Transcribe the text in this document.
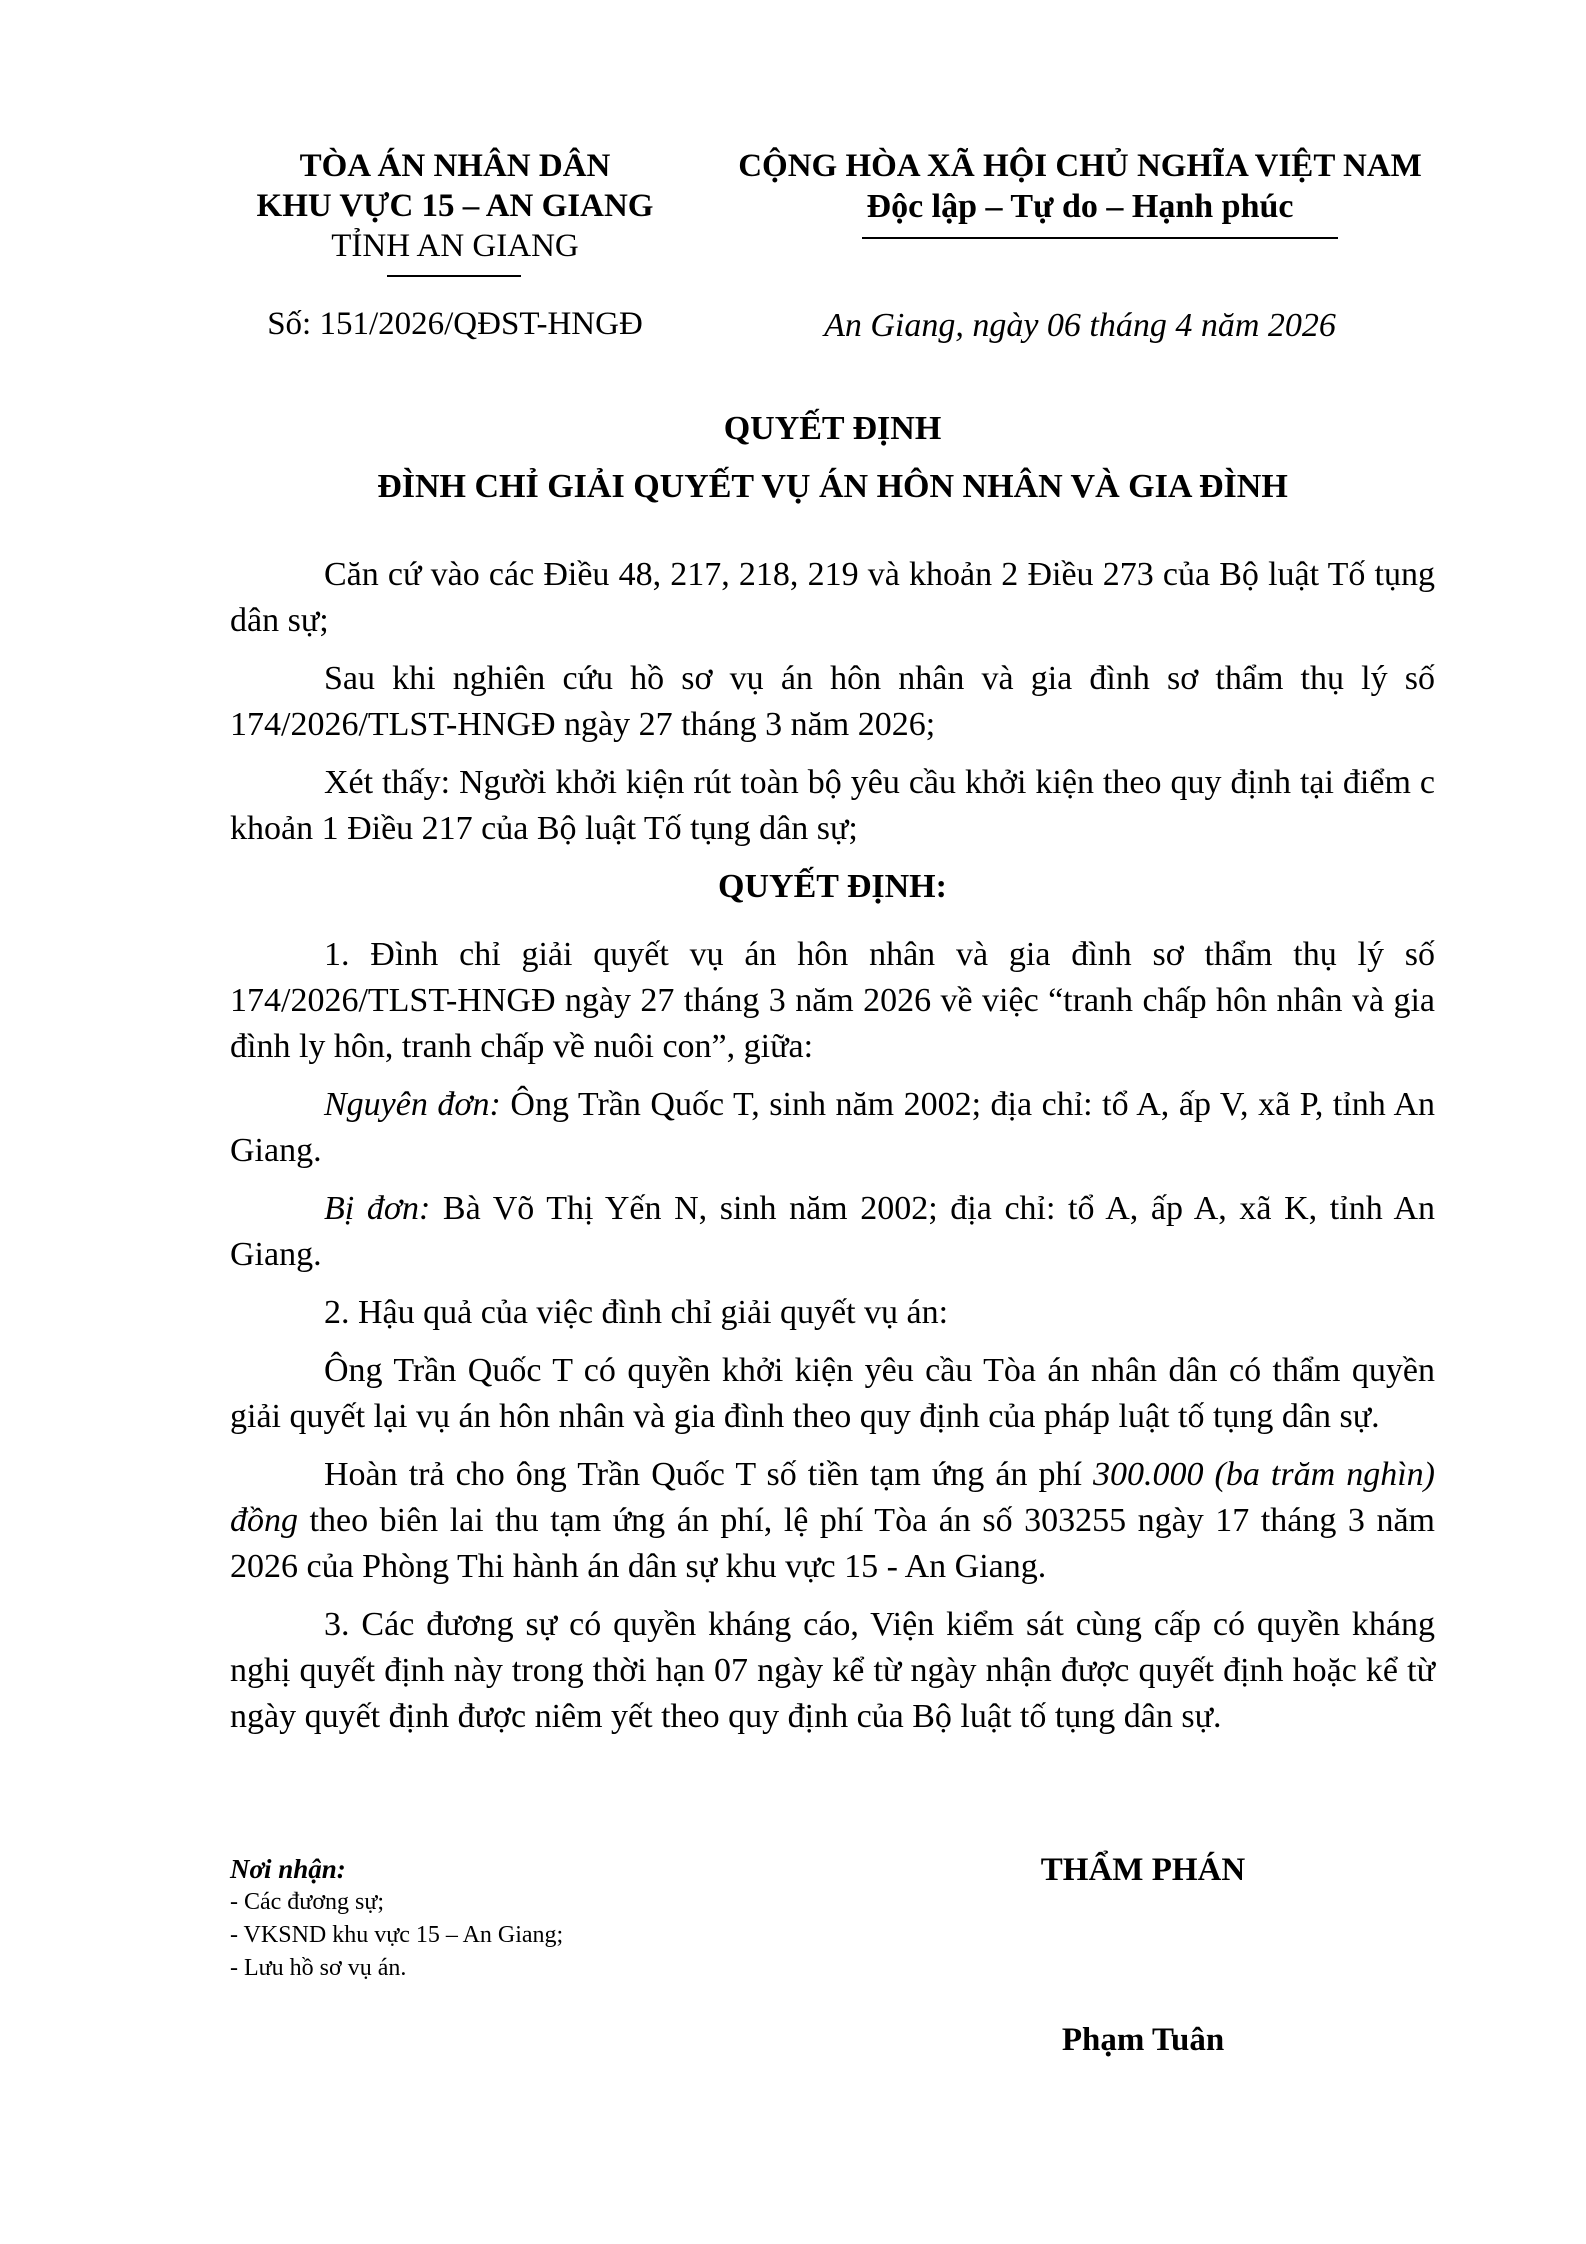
TÒA ÁN NHÂN DÂN
KHU VỰC 15 – AN GIANG
TỈNH AN GIANG
Số: 151/2026/QĐST-HNGĐ
CỘNG HÒA XÃ HỘI CHỦ NGHĨA VIỆT NAM
Độc lập – Tự do – Hạnh phúc
An Giang, ngày 06 tháng 4 năm 2026
QUYẾT ĐỊNH
ĐÌNH CHỈ GIẢI QUYẾT VỤ ÁN HÔN NHÂN VÀ GIA ĐÌNH

Căn cứ vào các Điều 48, 217, 218, 219 và khoản 2 Điều 273 của Bộ luật Tố tụng dân sự;

Sau khi nghiên cứu hồ sơ vụ án hôn nhân và gia đình sơ thẩm thụ lý số 174/2026/TLST-HNGĐ ngày 27 tháng 3 năm 2026;

Xét thấy: Người khởi kiện rút toàn bộ yêu cầu khởi kiện theo quy định tại điểm c khoản 1 Điều 217 của Bộ luật Tố tụng dân sự;

QUYẾT ĐỊNH:

1. Đình chỉ giải quyết vụ án hôn nhân và gia đình sơ thẩm thụ lý số 174/2026/TLST-HNGĐ ngày 27 tháng 3 năm 2026 về việc “tranh chấp hôn nhân và gia đình ly hôn, tranh chấp về nuôi con”, giữa:

Nguyên đơn: Ông Trần Quốc T, sinh năm 2002; địa chỉ: tổ A, ấp V, xã P, tỉnh An Giang.

Bị đơn: Bà Võ Thị Yến N, sinh năm 2002; địa chỉ: tổ A, ấp A, xã K, tỉnh An Giang.

2. Hậu quả của việc đình chỉ giải quyết vụ án:

Ông Trần Quốc T có quyền khởi kiện yêu cầu Tòa án nhân dân có thẩm quyền giải quyết lại vụ án hôn nhân và gia đình theo quy định của pháp luật tố tụng dân sự.

Hoàn trả cho ông Trần Quốc T số tiền tạm ứng án phí 300.000 (ba trăm nghìn) đồng theo biên lai thu tạm ứng án phí, lệ phí Tòa án số 303255 ngày 17 tháng 3 năm 2026 của Phòng Thi hành án dân sự khu vực 15 - An Giang.

3. Các đương sự có quyền kháng cáo, Viện kiểm sát cùng cấp có quyền kháng nghị quyết định này trong thời hạn 07 ngày kể từ ngày nhận được quyết định hoặc kể từ ngày quyết định được niêm yết theo quy định của Bộ luật tố tụng dân sự.

Nơi nhận:
- Các đương sự;
- VKSND khu vực 15 – An Giang;
- Lưu hồ sơ vụ án.
THẨM PHÁN
Phạm Tuân
